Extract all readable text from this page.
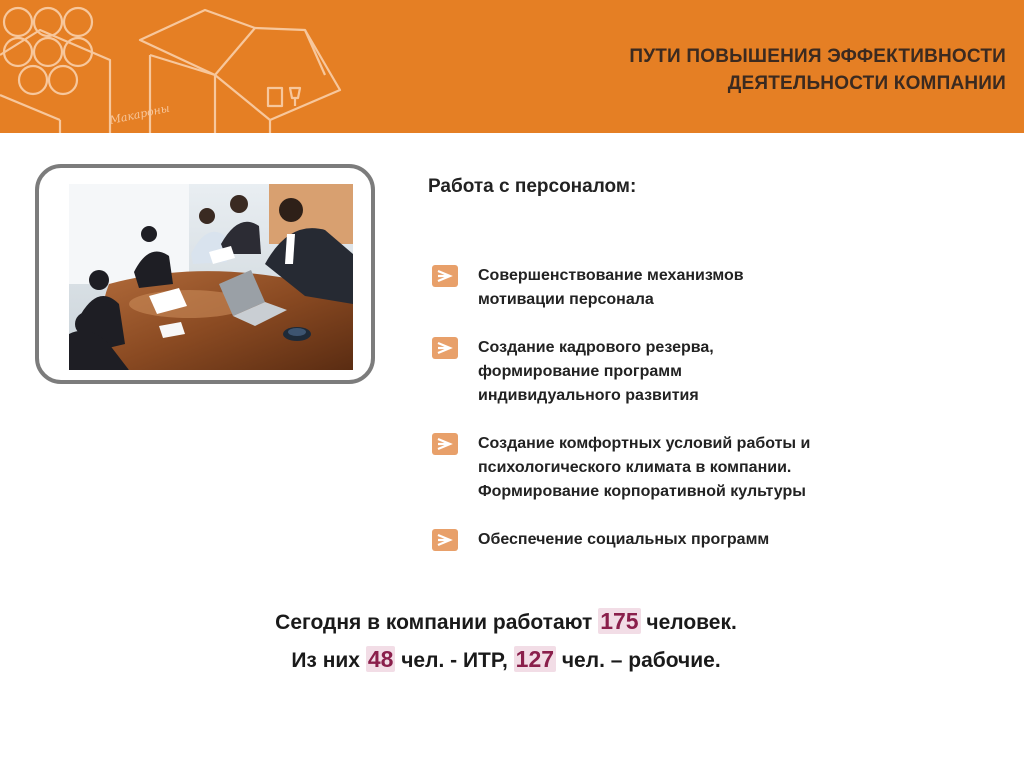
Макароны
ПУТИ ПОВЫШЕНИЯ ЭФФЕКТИВНОСТИ
ДЕЯТЕЛЬНОСТИ КОМПАНИИ
Работа с персоналом:
Совершенствование механизмов
мотивации персонала
Создание кадрового резерва,
формирование программ
индивидуального развития
Создание комфортных условий работы и
психологического климата в компании.
Формирование корпоративной культуры
Обеспечение социальных программ
Сегодня в компании работают 175 человек.
Из них 48 чел. - ИТР, 127 чел. – рабочие.
